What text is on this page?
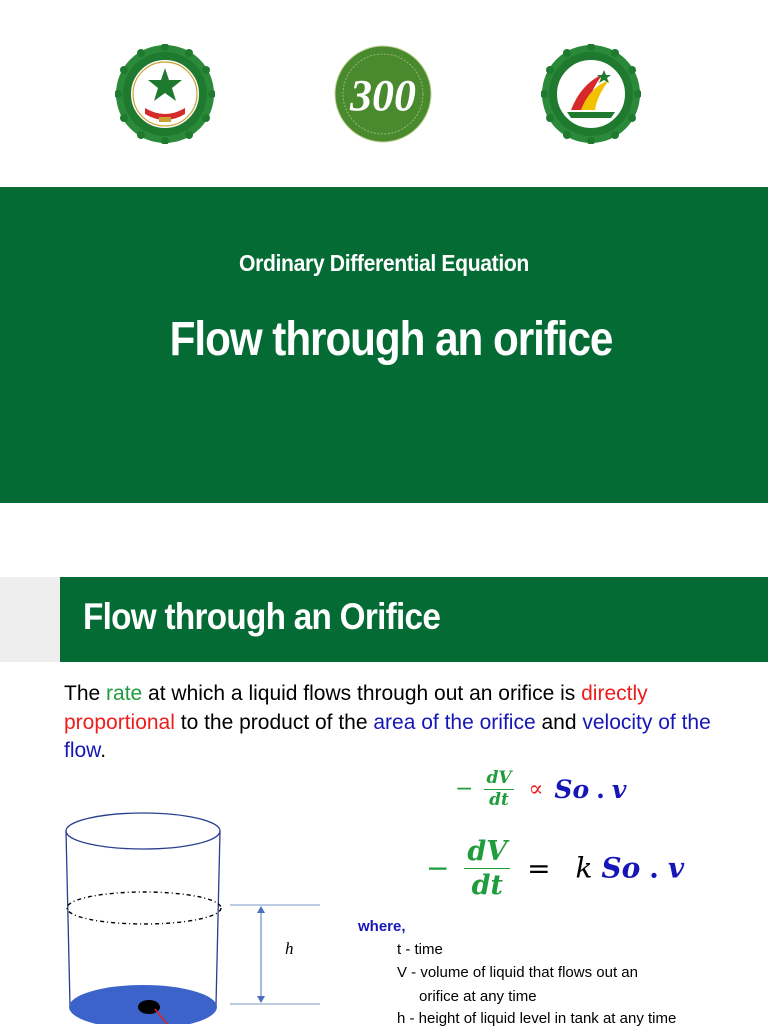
300
Ordinary Differential Equation
Flow through an orifice
Flow through an Orifice
The rate at which a liquid flows through out an orifice is directly proportional to the product of the area of the orifice and velocity of the flow.
− $\frac{dV}{dt} \propto So$ . v
− $\frac{dV}{dt} = k$ So . v
where,
t - time
V - volume of liquid that flows out an
orifice at any time
h - height of liquid level in tank at any time
h
